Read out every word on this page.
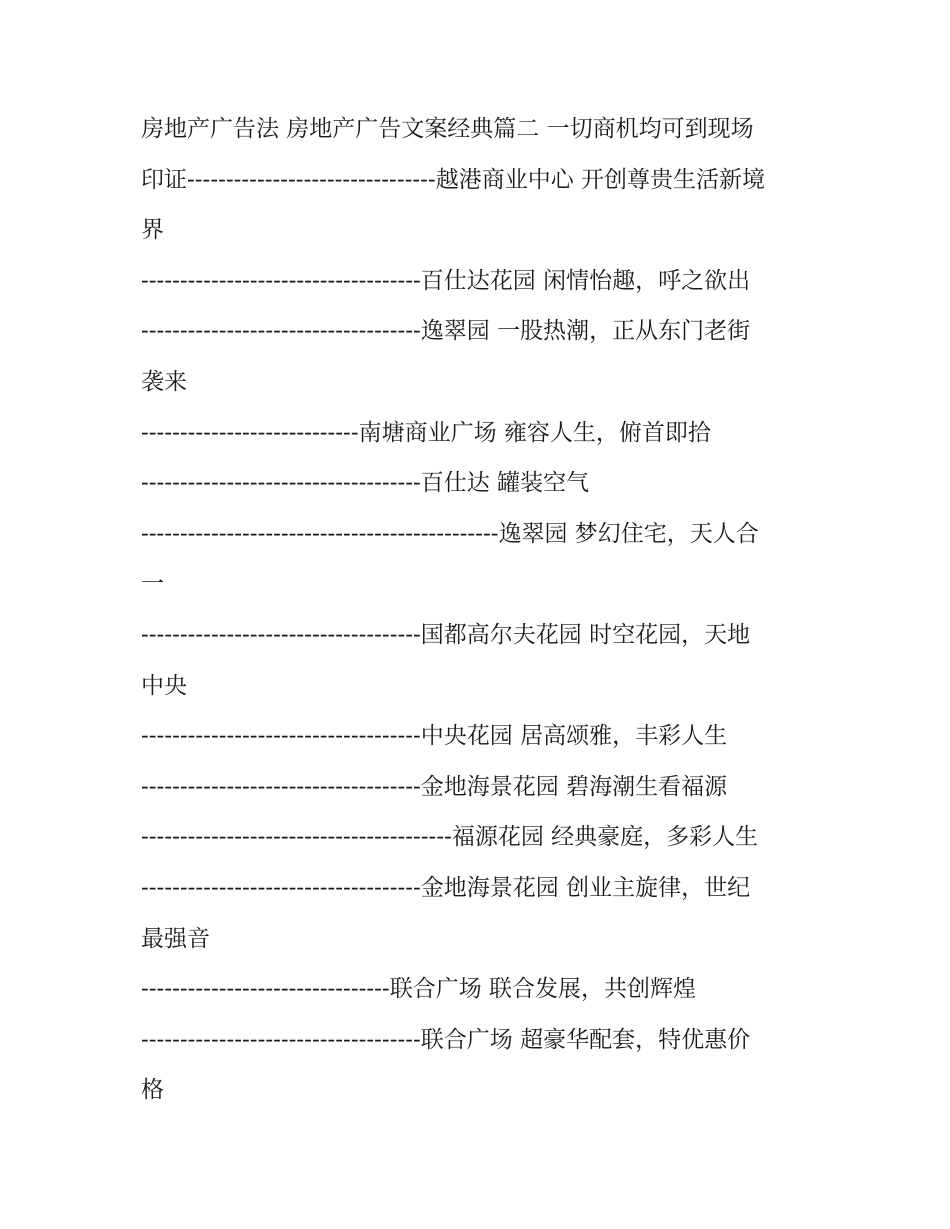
房地产广告法 房地产广告文案经典篇二 一切商机均可到现场
印证--------------------------------越港商业中心 开创尊贵生活新境
界
------------------------------------百仕达花园 闲情怡趣，呼之欲出
------------------------------------逸翠园 一股热潮，正从东门老街
袭来
----------------------------南塘商业广场 雍容人生，俯首即拾
------------------------------------百仕达 罐装空气
----------------------------------------------逸翠园 梦幻住宅，天人合
一
------------------------------------国都高尔夫花园 时空花园，天地
中央
------------------------------------中央花园 居高颂雅，丰彩人生
------------------------------------金地海景花园 碧海潮生看福源
----------------------------------------福源花园 经典豪庭，多彩人生
------------------------------------金地海景花园 创业主旋律，世纪
最强音
--------------------------------联合广场 联合发展，共创辉煌
------------------------------------联合广场 超豪华配套，特优惠价
格
